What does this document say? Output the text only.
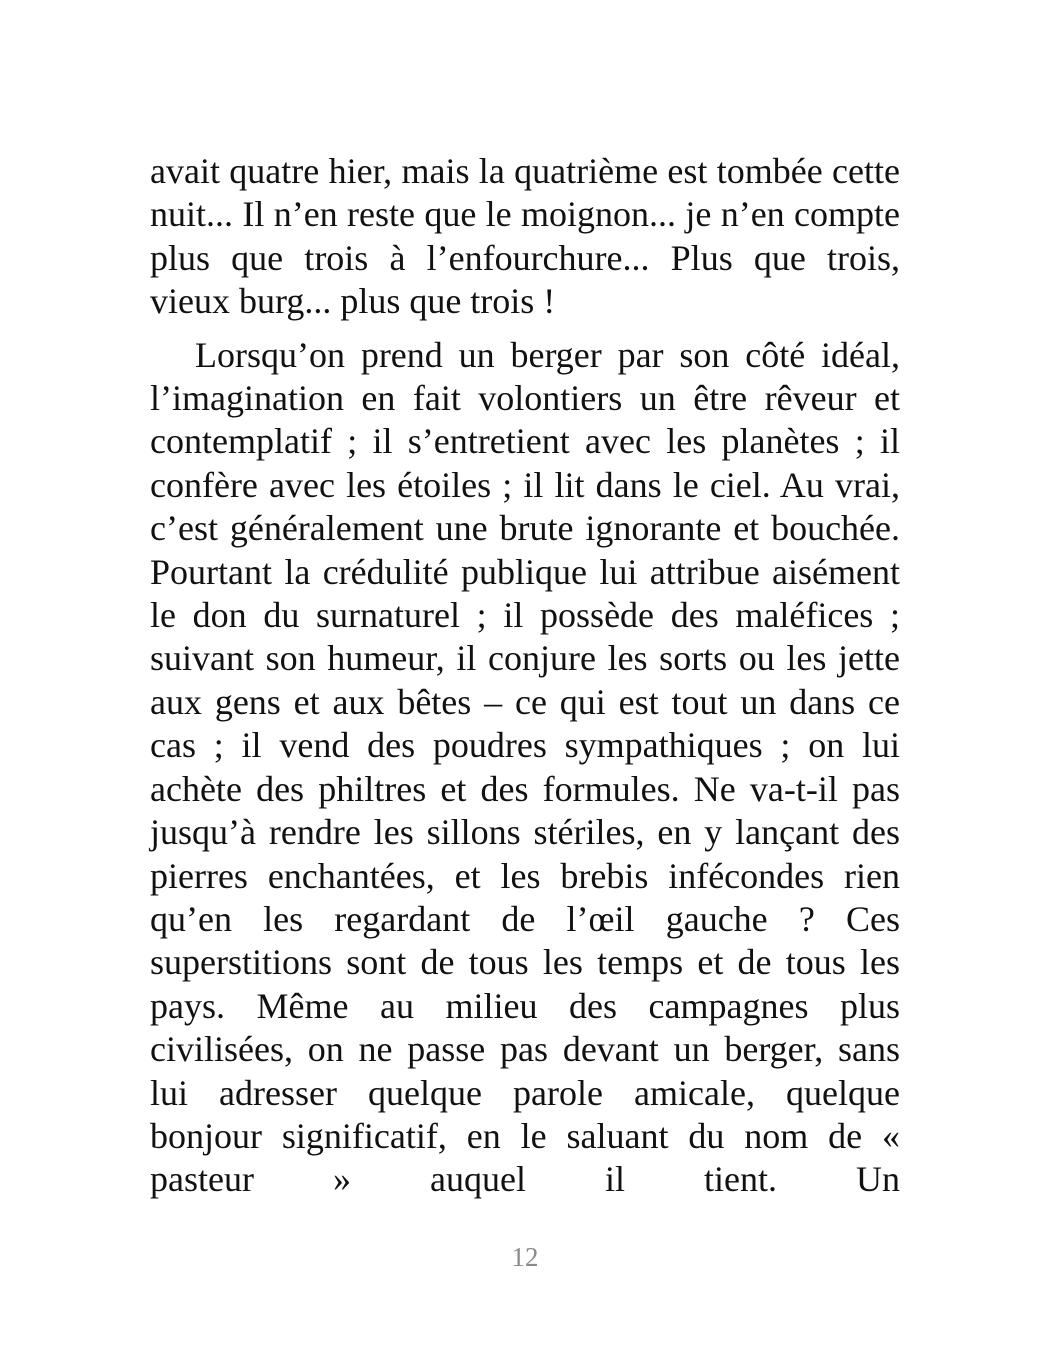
avait quatre hier, mais la quatrième est tombée cette nuit... Il n’en reste que le moignon... je n’en compte plus que trois à l’enfourchure... Plus que trois, vieux burg... plus que trois !

Lorsqu’on prend un berger par son côté idéal, l’imagination en fait volontiers un être rêveur et contemplatif ; il s’entretient avec les planètes ; il confère avec les étoiles ; il lit dans le ciel. Au vrai, c’est généralement une brute ignorante et bouchée. Pourtant la crédulité publique lui attribue aisément le don du surnaturel ; il possède des maléfices ; suivant son humeur, il conjure les sorts ou les jette aux gens et aux bêtes – ce qui est tout un dans ce cas ; il vend des poudres sympathiques ; on lui achète des philtres et des formules. Ne va-t-il pas jusqu’à rendre les sillons stériles, en y lançant des pierres enchantées, et les brebis infécondes rien qu’en les regardant de l’œil gauche ? Ces superstitions sont de tous les temps et de tous les pays. Même au milieu des campagnes plus civilisées, on ne passe pas devant un berger, sans lui adresser quelque parole amicale, quelque bonjour significatif, en le saluant du nom de « pasteur » auquel il tient. Un

12
